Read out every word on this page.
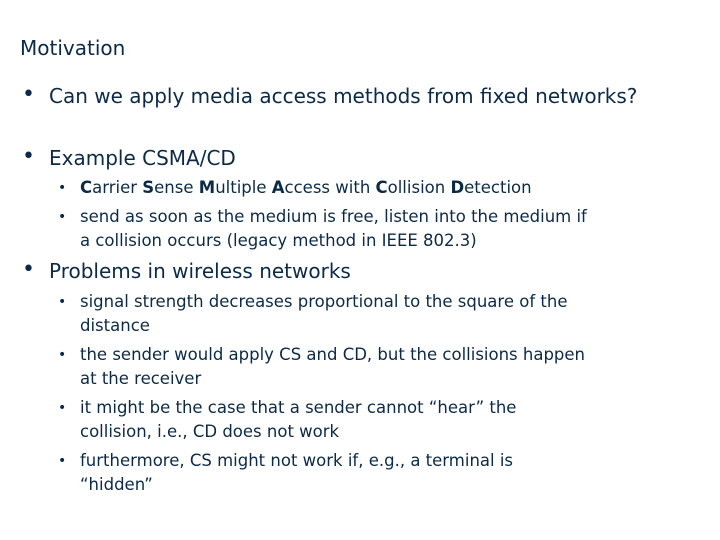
Motivation
• Can we apply media access methods from fixed networks?
• Example CSMA/CD
• Carrier Sense Multiple Access with Collision Detection
• send as soon as the medium is free, listen into the medium if
a collision occurs (legacy method in IEEE 802.3)
• Problems in wireless networks
• signal strength decreases proportional to the square of the
distance
• the sender would apply CS and CD, but the collisions happen
at the receiver
• it might be the case that a sender cannot “hear” the
collision, i.e., CD does not work
• furthermore, CS might not work if, e.g., a terminal is
“hidden”
